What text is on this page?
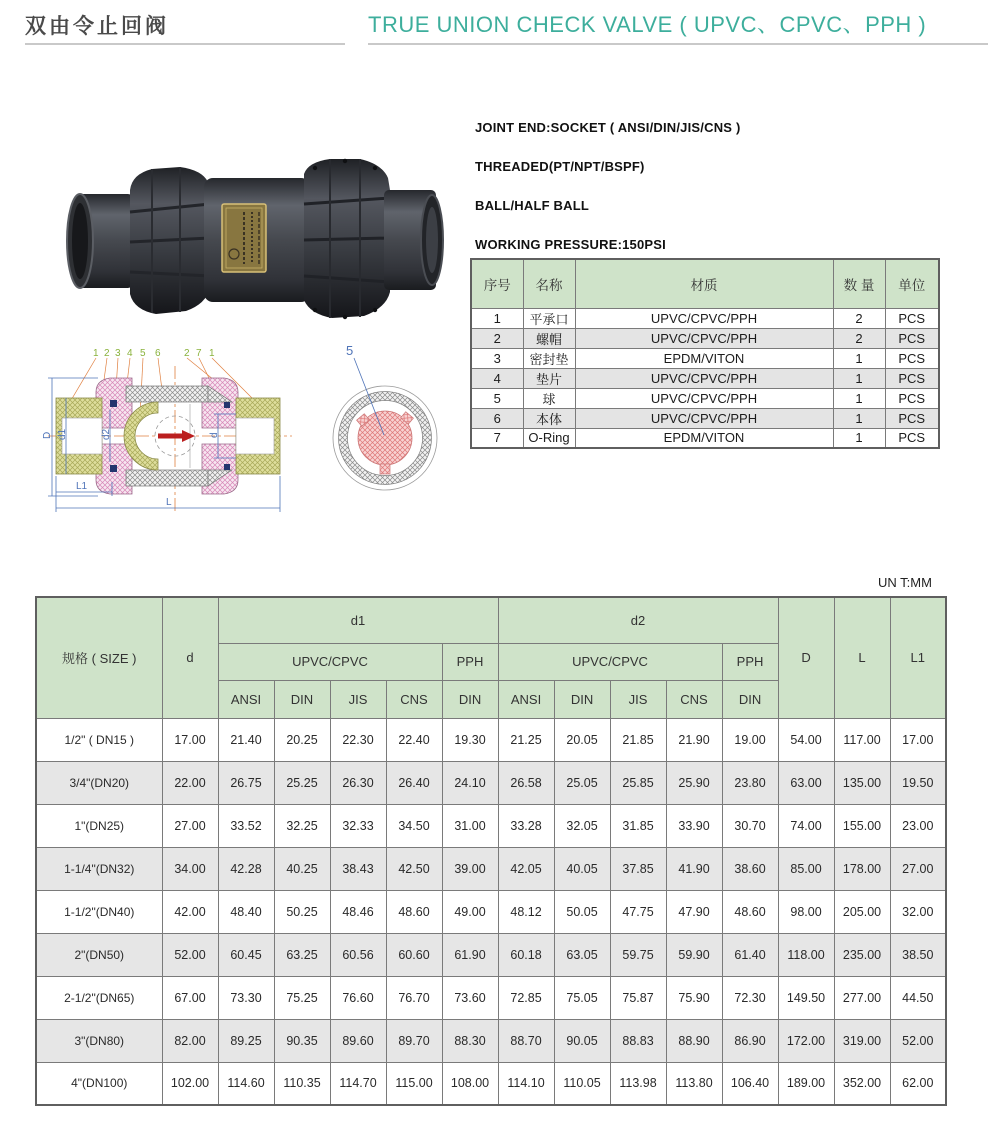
双由令止回阀	TRUE UNION CHECK VALVE ( UPVC、CPVC、PPH )
JOINT END:SOCKET ( ANSI/DIN/JIS/CNS )
THREADED(PT/NPT/BSPF)
BALL/HALF BALL
WORKING PRESSURE:150PSI
序号	名称	材质	数 量	单位
1	平承口	UPVC/CPVC/PPH	2	PCS
2	螺帽	UPVC/CPVC/PPH	2	PCS
3	密封垫	EPDM/VITON	1	PCS
4	垫片	UPVC/CPVC/PPH	1	PCS
5	球	UPVC/CPVC/PPH	1	PCS
6	本体	UPVC/CPVC/PPH	1	PCS
7	O-Ring	EPDM/VITON	1	PCS
1 2 3 4 5 6 2 7 1
D d1	d2	d
L1
L
5
UN T:MM
规格 ( SIZE )	d	d1					d2					D	L	L1
		UPVC/CPVC				PPH	UPVC/CPVC				PPH			
		ANSI	DIN	JIS	CNS	DIN	ANSI	DIN	JIS	CNS	DIN			
1/2" ( DN15 )	17.00	21.40	20.25	22.30	22.40	19.30	21.25	20.05	21.85	21.90	19.00	54.00	117.00	17.00
3/4"(DN20)	22.00	26.75	25.25	26.30	26.40	24.10	26.58	25.05	25.85	25.90	23.80	63.00	135.00	19.50
1"(DN25)	27.00	33.52	32.25	32.33	34.50	31.00	33.28	32.05	31.85	33.90	30.70	74.00	155.00	23.00
1-1/4"(DN32)	34.00	42.28	40.25	38.43	42.50	39.00	42.05	40.05	37.85	41.90	38.60	85.00	178.00	27.00
1-1/2"(DN40)	42.00	48.40	50.25	48.46	48.60	49.00	48.12	50.05	47.75	47.90	48.60	98.00	205.00	32.00
2"(DN50)	52.00	60.45	63.25	60.56	60.60	61.90	60.18	63.05	59.75	59.90	61.40	118.00	235.00	38.50
2-1/2"(DN65)	67.00	73.30	75.25	76.60	76.70	73.60	72.85	75.05	75.87	75.90	72.30	149.50	277.00	44.50
3"(DN80)	82.00	89.25	90.35	89.60	89.70	88.30	88.70	90.05	88.83	88.90	86.90	172.00	319.00	52.00
4"(DN100)	102.00	114.60	110.35	114.70	115.00	108.00	114.10	110.05	113.98	113.80	106.40	189.00	352.00	62.00
